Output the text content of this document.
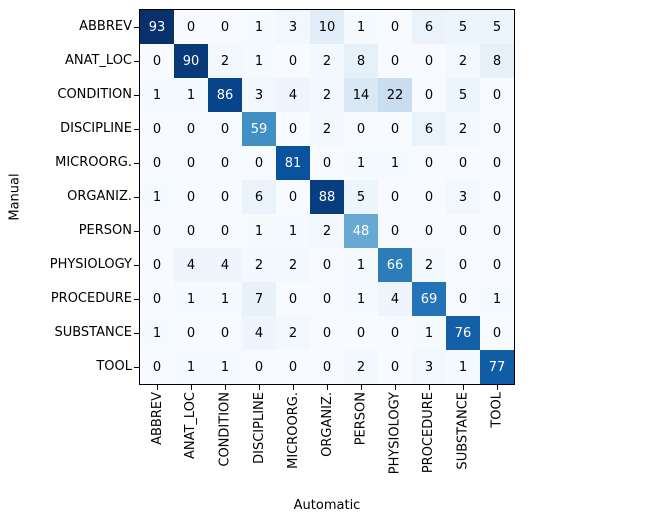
93	0	0	1	3	10	1	0	6	5	5
0	90	2	1	0	2	8	0	0	2	8
1	1	86	3	4	2	14	22	0	5	0
0	0	0	59	0	2	0	0	6	2	0
0	0	0	0	81	0	1	1	0	0	0
1	0	0	6	0	88	5	0	0	3	0
0	0	0	1	1	2	48	0	0	0	0
0	4	4	2	2	0	1	66	2	0	0
0	1	1	7	0	0	1	4	69	0	1
1	0	0	4	2	0	0	0	1	76	0
0	1	1	0	0	0	2	0	3	1	77
ABBREV
ANAT_LOC
CONDITION
DISCIPLINE
MICROORG.
ORGANIZ.
PERSON
PHYSIOLOGY
PROCEDURE
SUBSTANCE
TOOL
ABBREV ANAT_LOC CONDITION DISCIPLINE MICROORG. ORGANIZ. PERSON PHYSIOLOGY PROCEDURE SUBSTANCE TOOL
Manual
Automatic
